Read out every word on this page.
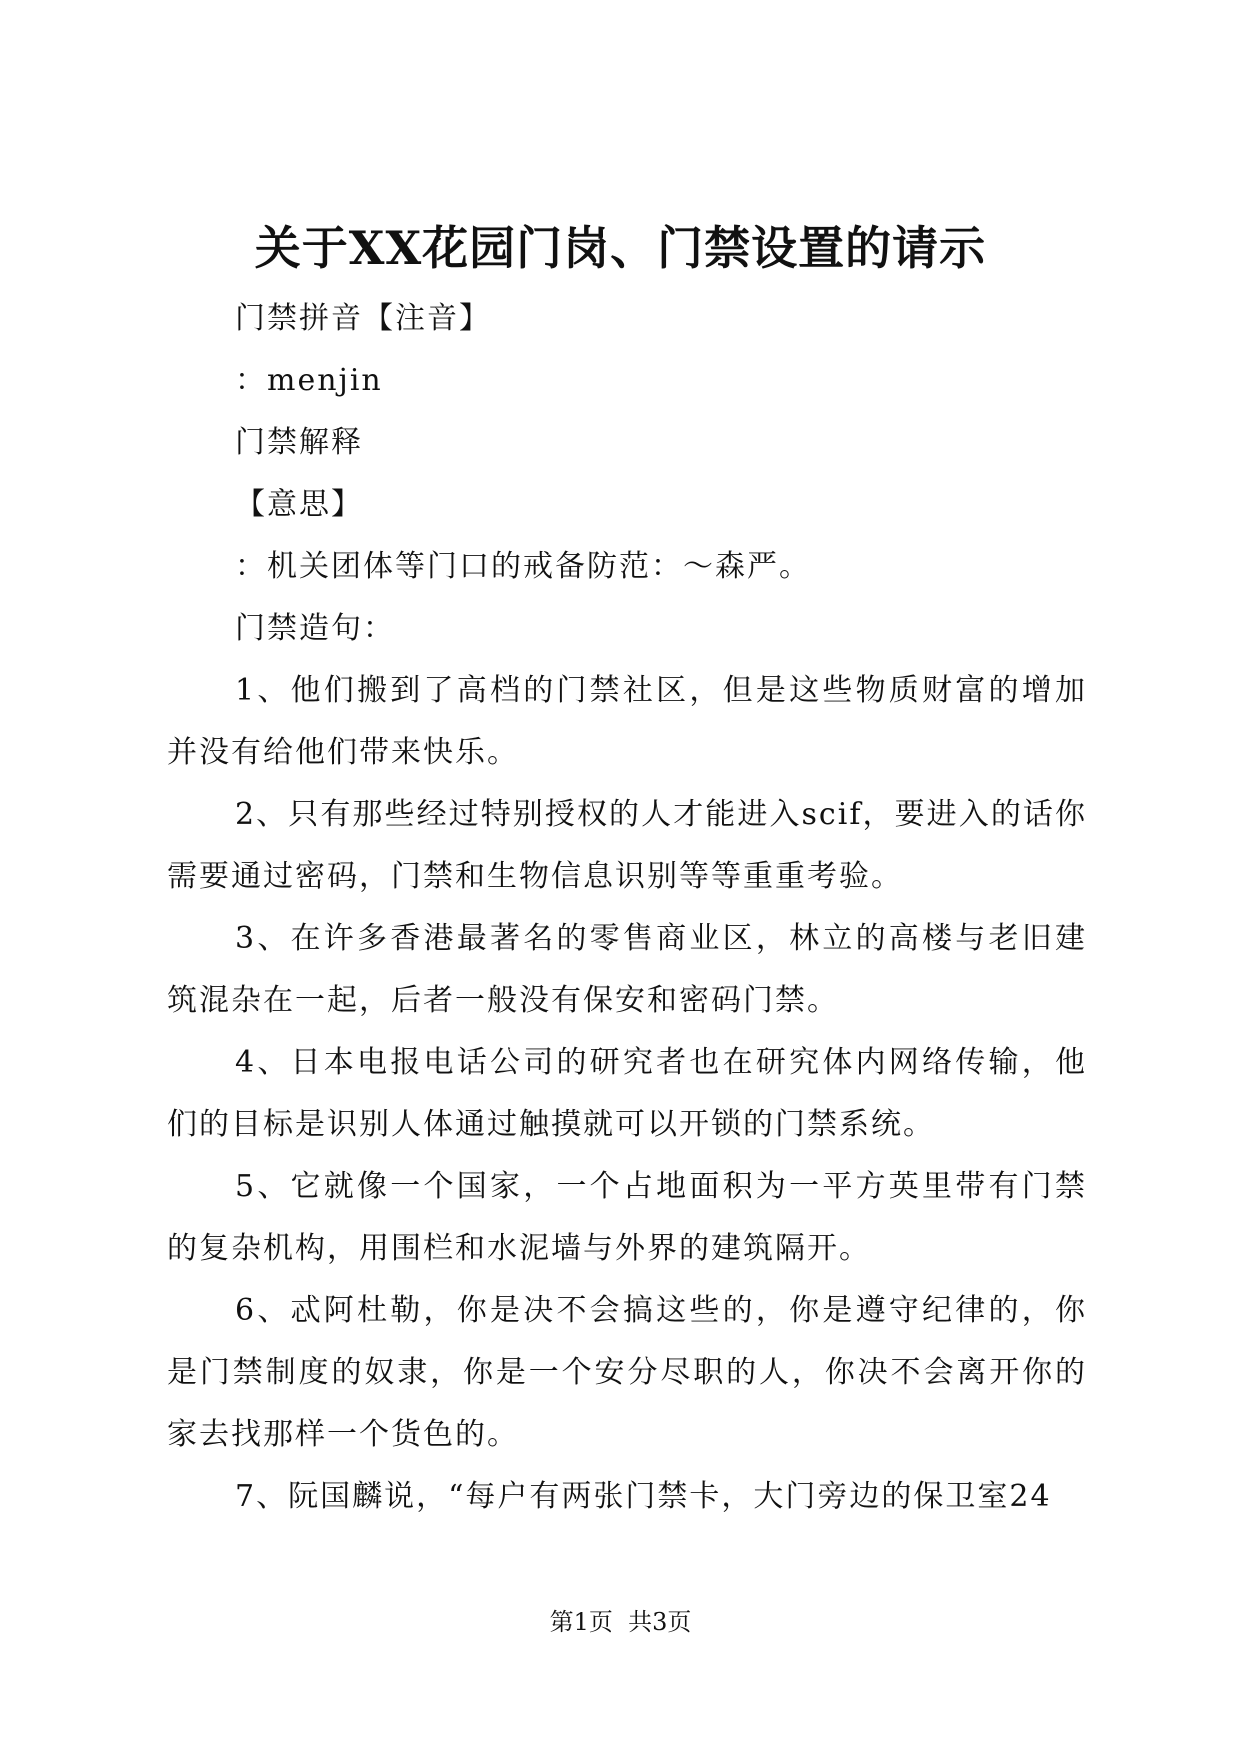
关于XX花园门岗、门禁设置的请示

门禁拼音【注音】

：menjin

门禁解释

【意思】

：机关团体等门口的戒备防范：～森严。

门禁造句：

1、他们搬到了高档的门禁社区，但是这些物质财富的增加并没有给他们带来快乐。

2、只有那些经过特别授权的人才能进入scif，要进入的话你需要通过密码，门禁和生物信息识别等等重重考验。

3、在许多香港最著名的零售商业区，林立的高楼与老旧建筑混杂在一起，后者一般没有保安和密码门禁。

4、日本电报电话公司的研究者也在研究体内网络传输，他们的目标是识别人体通过触摸就可以开锁的门禁系统。

5、它就像一个国家，一个占地面积为一平方英里带有门禁的复杂机构，用围栏和水泥墙与外界的建筑隔开。

6、忒阿杜勒，你是决不会搞这些的，你是遵守纪律的，你是门禁制度的奴隶，你是一个安分尽职的人，你决不会离开你的家去找那样一个货色的。

7、阮国麟说，“每户有两张门禁卡，大门旁边的保卫室24

第1页  共3页
